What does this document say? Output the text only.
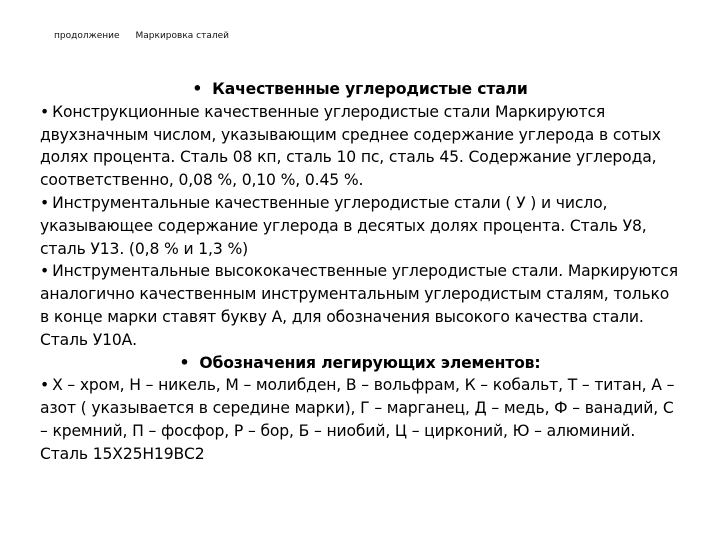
продолжение Маркировка сталей

• Качественные углеродистые стали

• Конструкционные качественные углеродистые стали Маркируются двухзначным числом, указывающим среднее содержание углерода в сотых долях процента. Сталь 08 кп, сталь 10 пс, сталь 45. Содержание углерода, соответственно, 0,08 %, 0,10 %, 0.45 %.

• Инструментальные качественные углеродистые стали ( У ) и число, указывающее содержание углерода в десятых долях процента. Сталь У8, сталь У13. (0,8 % и 1,3 %)

• Инструментальные высококачественные углеродистые стали. Маркируются аналогично качественным инструментальным углеродистым сталям, только в конце марки ставят букву А, для обозначения высокого качества стали. Сталь У10А.

• Обозначения легирующих элементов:

• Х – хром, Н – никель, М – молибден, В – вольфрам, К – кобальт, Т – титан, А – азот ( указывается в середине марки), Г – марганец, Д – медь, Ф – ванадий, С – кремний, П – фосфор, Р – бор, Б – ниобий, Ц – цирконий, Ю – алюминий. Сталь 15Х25Н19ВС2
